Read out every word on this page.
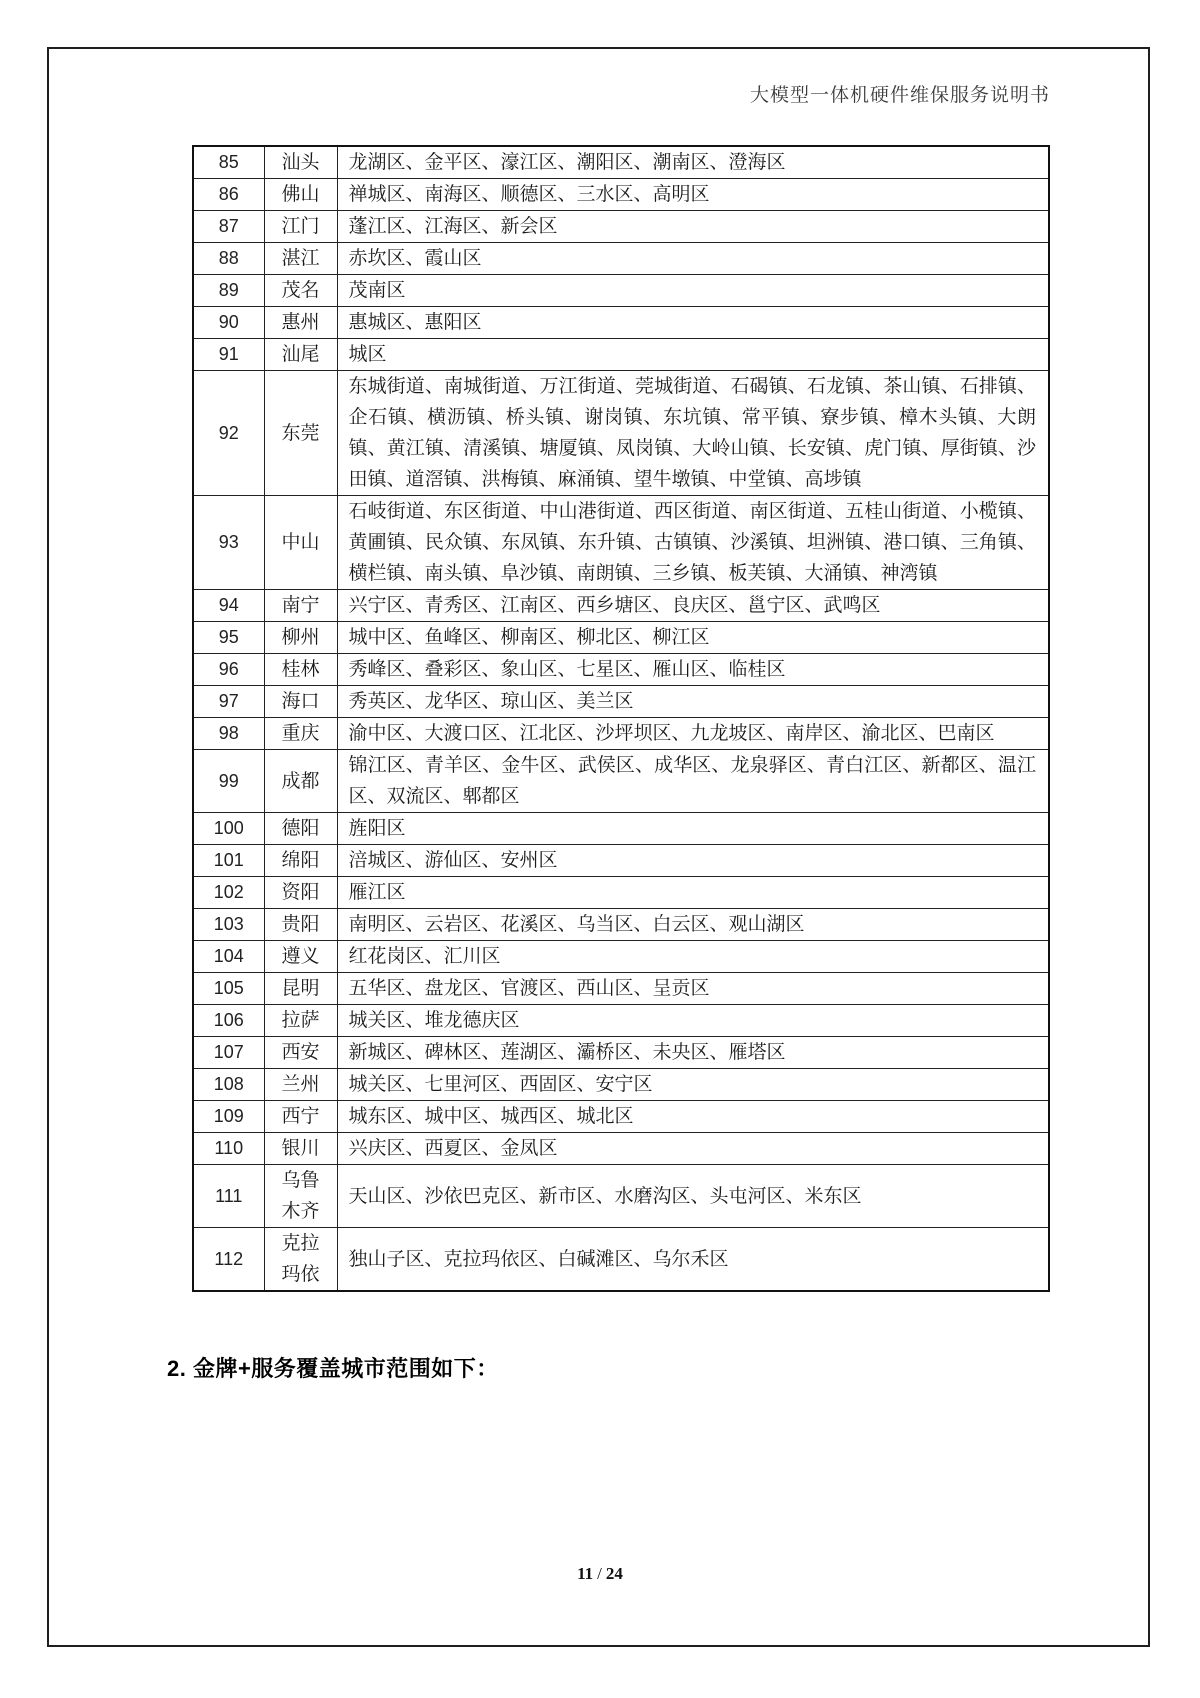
大模型一体机硬件维保服务说明书
85	汕头	龙湖区、金平区、濠江区、潮阳区、潮南区、澄海区
86	佛山	禅城区、南海区、顺德区、三水区、高明区
87	江门	蓬江区、江海区、新会区
88	湛江	赤坎区、霞山区
89	茂名	茂南区
90	惠州	惠城区、惠阳区
91	汕尾	城区
92	东莞	东城街道、南城街道、万江街道、莞城街道、石碣镇、石龙镇、茶山镇、石排镇、企石镇、横沥镇、桥头镇、谢岗镇、东坑镇、常平镇、寮步镇、樟木头镇、大朗镇、黄江镇、清溪镇、塘厦镇、凤岗镇、大岭山镇、长安镇、虎门镇、厚街镇、沙田镇、道滘镇、洪梅镇、麻涌镇、望牛墩镇、中堂镇、高埗镇
93	中山	石岐街道、东区街道、中山港街道、西区街道、南区街道、五桂山街道、小榄镇、黄圃镇、民众镇、东凤镇、东升镇、古镇镇、沙溪镇、坦洲镇、港口镇、三角镇、横栏镇、南头镇、阜沙镇、南朗镇、三乡镇、板芙镇、大涌镇、神湾镇
94	南宁	兴宁区、青秀区、江南区、西乡塘区、良庆区、邕宁区、武鸣区
95	柳州	城中区、鱼峰区、柳南区、柳北区、柳江区
96	桂林	秀峰区、叠彩区、象山区、七星区、雁山区、临桂区
97	海口	秀英区、龙华区、琼山区、美兰区
98	重庆	渝中区、大渡口区、江北区、沙坪坝区、九龙坡区、南岸区、渝北区、巴南区
99	成都	锦江区、青羊区、金牛区、武侯区、成华区、龙泉驿区、青白江区、新都区、温江区、双流区、郫都区
100	德阳	旌阳区
101	绵阳	涪城区、游仙区、安州区
102	资阳	雁江区
103	贵阳	南明区、云岩区、花溪区、乌当区、白云区、观山湖区
104	遵义	红花岗区、汇川区
105	昆明	五华区、盘龙区、官渡区、西山区、呈贡区
106	拉萨	城关区、堆龙德庆区
107	西安	新城区、碑林区、莲湖区、灞桥区、未央区、雁塔区
108	兰州	城关区、七里河区、西固区、安宁区
109	西宁	城东区、城中区、城西区、城北区
110	银川	兴庆区、西夏区、金凤区
111	乌鲁木齐	天山区、沙依巴克区、新市区、水磨沟区、头屯河区、米东区
112	克拉玛依	独山子区、克拉玛依区、白碱滩区、乌尔禾区
2. 金牌+服务覆盖城市范围如下：
11 / 24
